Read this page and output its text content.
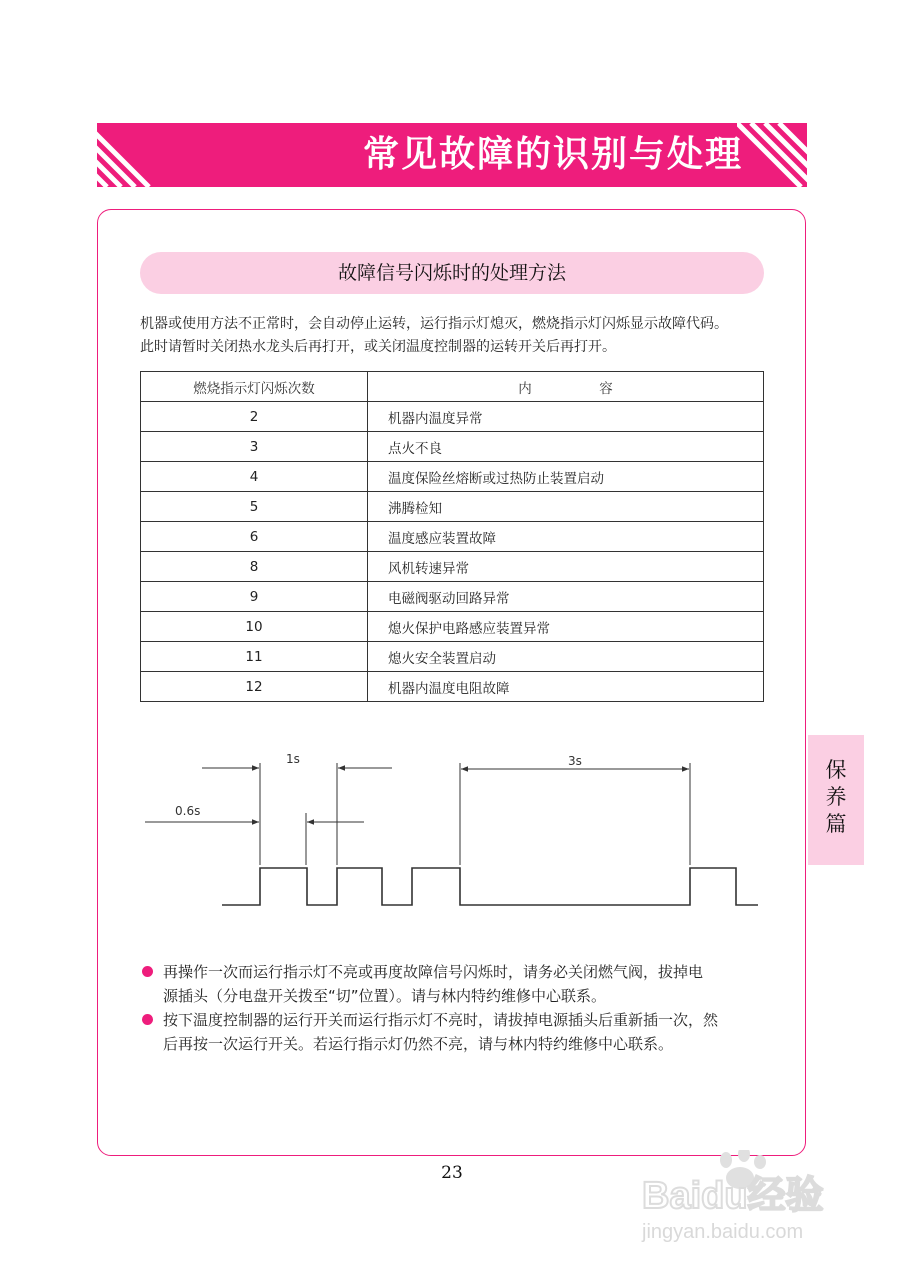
常见故障的识别与处理
故障信号闪烁时的处理方法
机器或使用方法不正常时，会自动停止运转，运行指示灯熄灭，燃烧指示灯闪烁显示故障代码。
此时请暂时关闭热水龙头后再打开，或关闭温度控制器的运转开关后再打开。
燃烧指示灯闪烁次数	内　　　　　容
2	机器内温度异常
3	点火不良
4	温度保险丝熔断或过热防止装置启动
5	沸腾检知
6	温度感应装置故障
8	风机转速异常
9	电磁阀驱动回路异常
10	熄火保护电路感应装置异常
11	熄火安全装置启动
12	机器内温度电阻故障
1s
0.6s
3s	保
养
篇
再操作一次而运行指示灯不亮或再度故障信号闪烁时，请务必关闭燃气阀，拔掉电
源插头（分电盘开关拨至“切”位置）。请与林内特约维修中心联系。
按下温度控制器的运行开关而运行指示灯不亮时，请拔掉电源插头后重新插一次，然
后再按一次运行开关。若运行指示灯仍然不亮，请与林内特约维修中心联系。
23
Baidu经验
jingyan.baidu.com
